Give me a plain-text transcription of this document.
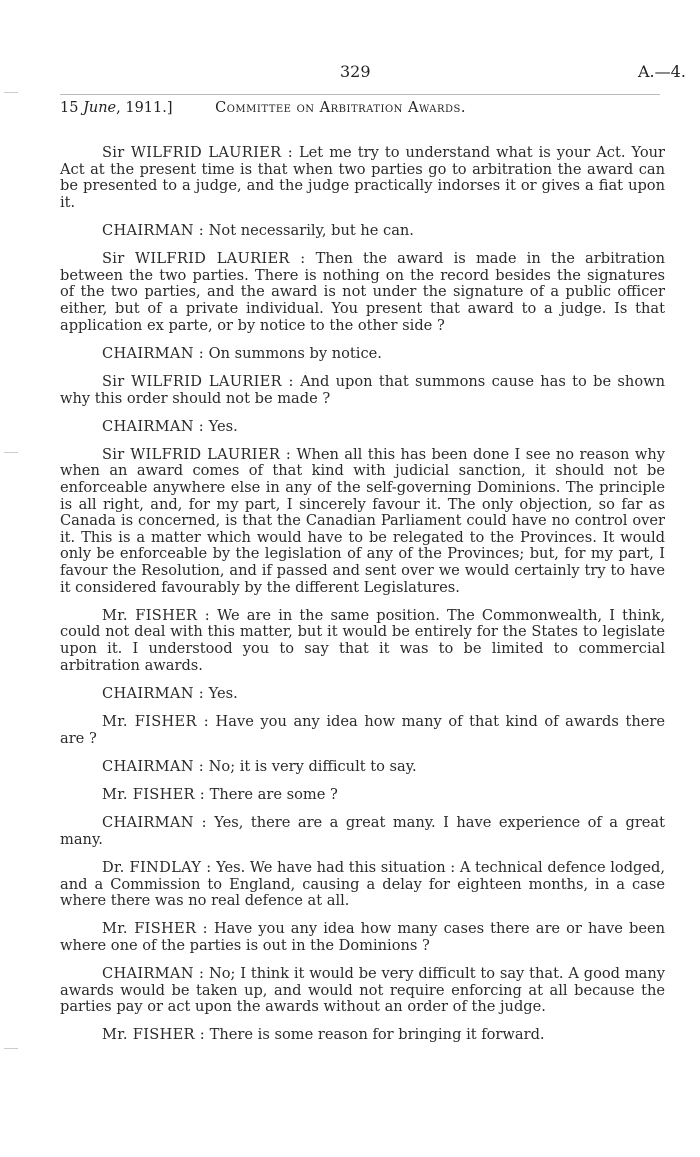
329	A.—4.
15 June, 1911.]	Committee on Arbitration Awards.

Sir WILFRID LAURIER : Let me try to understand what is your Act. Your Act at the present time is that when two parties go to arbitration the award can be presented to a judge, and the judge practically indorses it or gives a fiat upon it.

CHAIRMAN : Not necessarily, but he can.

Sir WILFRID LAURIER : Then the award is made in the arbitration between the two parties. There is nothing on the record besides the signatures of the two parties, and the award is not under the signature of a public officer either, but of a private individual. You present that award to a judge. Is that application ex parte, or by notice to the other side ?

CHAIRMAN : On summons by notice.

Sir WILFRID LAURIER : And upon that summons cause has to be shown why this order should not be made ?

CHAIRMAN : Yes.

Sir WILFRID LAURIER : When all this has been done I see no reason why when an award comes of that kind with judicial sanction, it should not be enforceable anywhere else in any of the self-governing Dominions. The principle is all right, and, for my part, I sincerely favour it. The only objection, so far as Canada is concerned, is that the Canadian Parliament could have no control over it. This is a matter which would have to be relegated to the Provinces. It would only be enforceable by the legislation of any of the Provinces; but, for my part, I favour the Resolution, and if passed and sent over we would certainly try to have it considered favourably by the different Legislatures.

Mr. FISHER : We are in the same position. The Commonwealth, I think, could not deal with this matter, but it would be entirely for the States to legislate upon it. I understood you to say that it was to be limited to commercial arbitration awards.

CHAIRMAN : Yes.

Mr. FISHER : Have you any idea how many of that kind of awards there are ?

CHAIRMAN : No; it is very difficult to say.

Mr. FISHER : There are some ?

CHAIRMAN : Yes, there are a great many. I have experience of a great many.

Dr. FINDLAY : Yes. We have had this situation : A technical defence lodged, and a Commission to England, causing a delay for eighteen months, in a case where there was no real defence at all.

Mr. FISHER : Have you any idea how many cases there are or have been where one of the parties is out in the Dominions ?

CHAIRMAN : No; I think it would be very difficult to say that. A good many awards would be taken up, and would not require enforcing at all because the parties pay or act upon the awards without an order of the judge.

Mr. FISHER : There is some reason for bringing it forward.
